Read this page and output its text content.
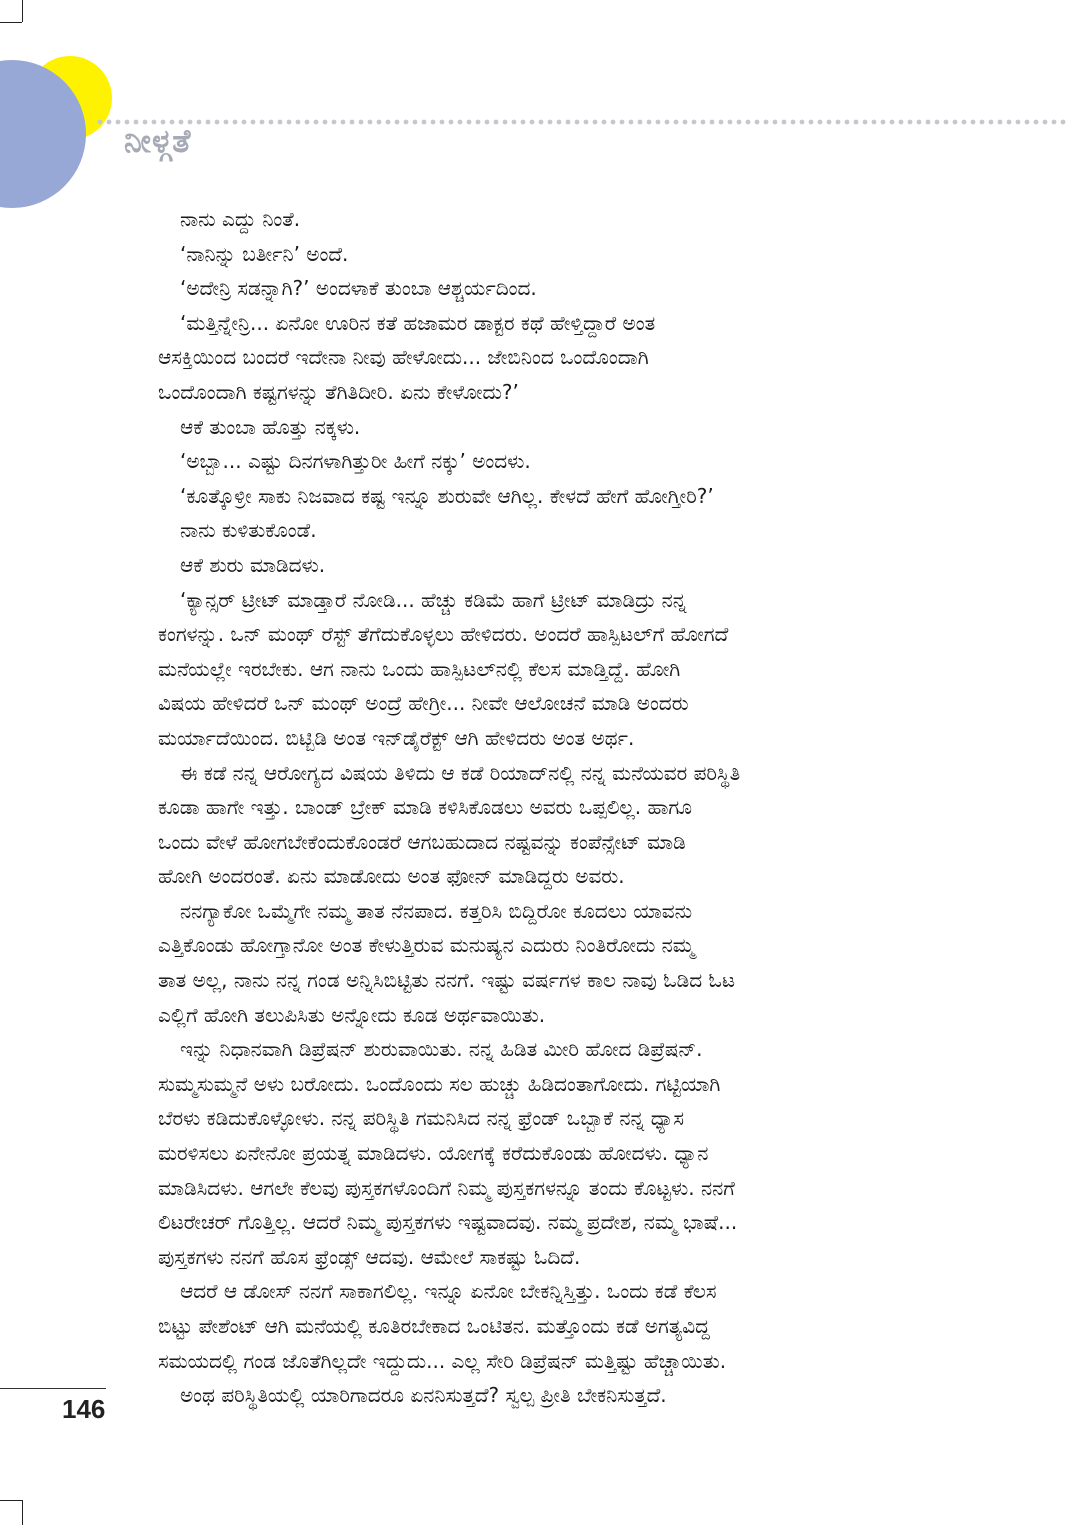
ನೀಳ್ಗತೆ
ನಾನು ಎದ್ದು ನಿಂತೆ.
‘ನಾನಿನ್ನು ಬರ್ತೀನಿ’ ಅಂದೆ.
‘ಅದೇನ್ರಿ ಸಡನ್ನಾಗಿ?’ ಅಂದಳಾಕೆ ತುಂಬಾ ಆಶ್ಚರ್ಯದಿಂದ.
‘ಮತ್ತಿನ್ನೇನ್ರಿ... ಏನೋ ಊರಿನ ಕತೆ ಹಜಾಮರ ಡಾಕ್ಟರ ಕಥೆ ಹೇಳ್ತಿದ್ದಾರೆ ಅಂತ
ಆಸಕ್ತಿಯಿಂದ ಬಂದರೆ ಇದೇನಾ ನೀವು ಹೇಳೋದು... ಜೇಬಿನಿಂದ ಒಂದೊಂದಾಗಿ
ಒಂದೊಂದಾಗಿ ಕಷ್ಟಗಳನ್ನು ತೆಗಿತಿದೀರಿ. ಏನು ಕೇಳೋದು?’
ಆಕೆ ತುಂಬಾ ಹೊತ್ತು ನಕ್ಕಳು.
‘ಅಬ್ಬಾ... ಎಷ್ಟು ದಿನಗಳಾಗಿತ್ತುರೀ ಹೀಗೆ ನಕ್ಕು’ ಅಂದಳು.
‘ಕೂತ್ಕೊಳ್ರೀ ಸಾಕು ನಿಜವಾದ ಕಷ್ಟ ಇನ್ನೂ ಶುರುವೇ ಆಗಿಲ್ಲ. ಕೇಳದೆ ಹೇಗೆ ಹೋಗ್ತೀರಿ?’
ನಾನು ಕುಳಿತುಕೊಂಡೆ.
ಆಕೆ ಶುರು ಮಾಡಿದಳು.
‘ಕ್ಯಾನ್ಸರ್ ಟ್ರೀಟ್ ಮಾಡ್ತಾರೆ ನೋಡಿ... ಹೆಚ್ಚು ಕಡಿಮೆ ಹಾಗೆ ಟ್ರೀಟ್ ಮಾಡಿದ್ರು ನನ್ನ
ಕಂಗಳನ್ನು. ಒನ್ ಮಂಥ್ ರೆಸ್ಟ್ ತೆಗೆದುಕೊಳ್ಳಲು ಹೇಳಿದರು. ಅಂದರೆ ಹಾಸ್ಪಿಟಲ್‌ಗೆ ಹೋಗದೆ
ಮನೆಯಲ್ಲೇ ಇರಬೇಕು. ಆಗ ನಾನು ಒಂದು ಹಾಸ್ಪಿಟಲ್‌ನಲ್ಲಿ ಕೆಲಸ ಮಾಡ್ತಿದ್ದೆ. ಹೋಗಿ
ವಿಷಯ ಹೇಳಿದರೆ ಒನ್ ಮಂಥ್ ಅಂದ್ರೆ ಹೇಗ್ರೀ... ನೀವೇ ಆಲೋಚನೆ ಮಾಡಿ ಅಂದರು
ಮರ್ಯಾದೆಯಿಂದ. ಬಿಟ್ಬಿಡಿ ಅಂತ ಇನ್‌ಡೈರೆಕ್ಟ್ ಆಗಿ ಹೇಳಿದರು ಅಂತ ಅರ್ಥ.
ಈ ಕಡೆ ನನ್ನ ಆರೋಗ್ಯದ ವಿಷಯ ತಿಳಿದು ಆ ಕಡೆ ರಿಯಾದ್‌ನಲ್ಲಿ ನನ್ನ ಮನೆಯವರ ಪರಿಸ್ಥಿತಿ
ಕೂಡಾ ಹಾಗೇ ಇತ್ತು. ಬಾಂಡ್ ಬ್ರೇಕ್ ಮಾಡಿ ಕಳಿಸಿಕೊಡಲು ಅವರು ಒಪ್ಪಲಿಲ್ಲ. ಹಾಗೂ
ಒಂದು ವೇಳೆ ಹೋಗಬೇಕೆಂದುಕೊಂಡರೆ ಆಗಬಹುದಾದ ನಷ್ಟವನ್ನು ಕಂಪೆನ್ಸೇಟ್ ಮಾಡಿ
ಹೋಗಿ ಅಂದರಂತೆ. ಏನು ಮಾಡೋದು ಅಂತ ಫೋನ್ ಮಾಡಿದ್ದರು ಅವರು.
ನನಗ್ಯಾಕೋ ಒಮ್ಮೆಗೇ ನಮ್ಮ ತಾತ ನೆನಪಾದ. ಕತ್ತರಿಸಿ ಬಿದ್ದಿರೋ ಕೂದಲು ಯಾವನು
ಎತ್ತಿಕೊಂಡು ಹೋಗ್ತಾನೋ ಅಂತ ಕೇಳುತ್ತಿರುವ ಮನುಷ್ಯನ ಎದುರು ನಿಂತಿರೋದು ನಮ್ಮ
ತಾತ ಅಲ್ಲ, ನಾನು ನನ್ನ ಗಂಡ ಅನ್ನಿಸಿಬಿಟ್ಟಿತು ನನಗೆ. ಇಷ್ಟು ವರ್ಷಗಳ ಕಾಲ ನಾವು ಓಡಿದ ಓಟ
ಎಲ್ಲಿಗೆ ಹೋಗಿ ತಲುಪಿಸಿತು ಅನ್ನೋದು ಕೂಡ ಅರ್ಥವಾಯಿತು.
ಇನ್ನು ನಿಧಾನವಾಗಿ ಡಿಪ್ರೆಷನ್ ಶುರುವಾಯಿತು. ನನ್ನ ಹಿಡಿತ ಮೀರಿ ಹೋದ ಡಿಪ್ರೆಷನ್.
ಸುಮ್ಮಸುಮ್ಮನೆ ಅಳು ಬರೋದು. ಒಂದೊಂದು ಸಲ ಹುಚ್ಚು ಹಿಡಿದಂತಾಗೋದು. ಗಟ್ಟಿಯಾಗಿ
ಬೆರಳು ಕಡಿದುಕೊಳ್ಳೋಳು. ನನ್ನ ಪರಿಸ್ಥಿತಿ ಗಮನಿಸಿದ ನನ್ನ ಫ್ರೆಂಡ್ ಒಬ್ಬಾಕೆ ನನ್ನ ಧ್ಯಾಸ
ಮರಳಿಸಲು ಏನೇನೋ ಪ್ರಯತ್ನ ಮಾಡಿದಳು. ಯೋಗಕ್ಕೆ ಕರೆದುಕೊಂಡು ಹೋದಳು. ಧ್ಯಾನ
ಮಾಡಿಸಿದಳು. ಆಗಲೇ ಕೆಲವು ಪುಸ್ತಕಗಳೊಂದಿಗೆ ನಿಮ್ಮ ಪುಸ್ತಕಗಳನ್ನೂ ತಂದು ಕೊಟ್ಟಳು. ನನಗೆ
ಲಿಟರೇಚರ್ ಗೊತ್ತಿಲ್ಲ. ಆದರೆ ನಿಮ್ಮ ಪುಸ್ತಕಗಳು ಇಷ್ಟವಾದವು. ನಮ್ಮ ಪ್ರದೇಶ, ನಮ್ಮ ಭಾಷೆ...
ಪುಸ್ತಕಗಳು ನನಗೆ ಹೊಸ ಫ್ರೆಂಡ್ಸ್ ಆದವು. ಆಮೇಲೆ ಸಾಕಷ್ಟು ಓದಿದೆ.
ಆದರೆ ಆ ಡೋಸ್ ನನಗೆ ಸಾಕಾಗಲಿಲ್ಲ. ಇನ್ನೂ ಏನೋ ಬೇಕನ್ನಿಸ್ತಿತ್ತು. ಒಂದು ಕಡೆ ಕೆಲಸ
ಬಿಟ್ಟು ಪೇಶೆಂಟ್ ಆಗಿ ಮನೆಯಲ್ಲಿ ಕೂತಿರಬೇಕಾದ ಒಂಟಿತನ. ಮತ್ತೊಂದು ಕಡೆ ಅಗತ್ಯವಿದ್ದ
ಸಮಯದಲ್ಲಿ ಗಂಡ ಜೊತೆಗಿಲ್ಲದೇ ಇದ್ದುದು... ಎಲ್ಲ ಸೇರಿ ಡಿಪ್ರೆಷನ್ ಮತ್ತಿಷ್ಟು ಹೆಚ್ಚಾಯಿತು.
ಅಂಥ ಪರಿಸ್ಥಿತಿಯಲ್ಲಿ ಯಾರಿಗಾದರೂ ಏನನಿಸುತ್ತದೆ? ಸ್ವಲ್ಪ ಪ್ರೀತಿ ಬೇಕನಿಸುತ್ತದೆ.
146
